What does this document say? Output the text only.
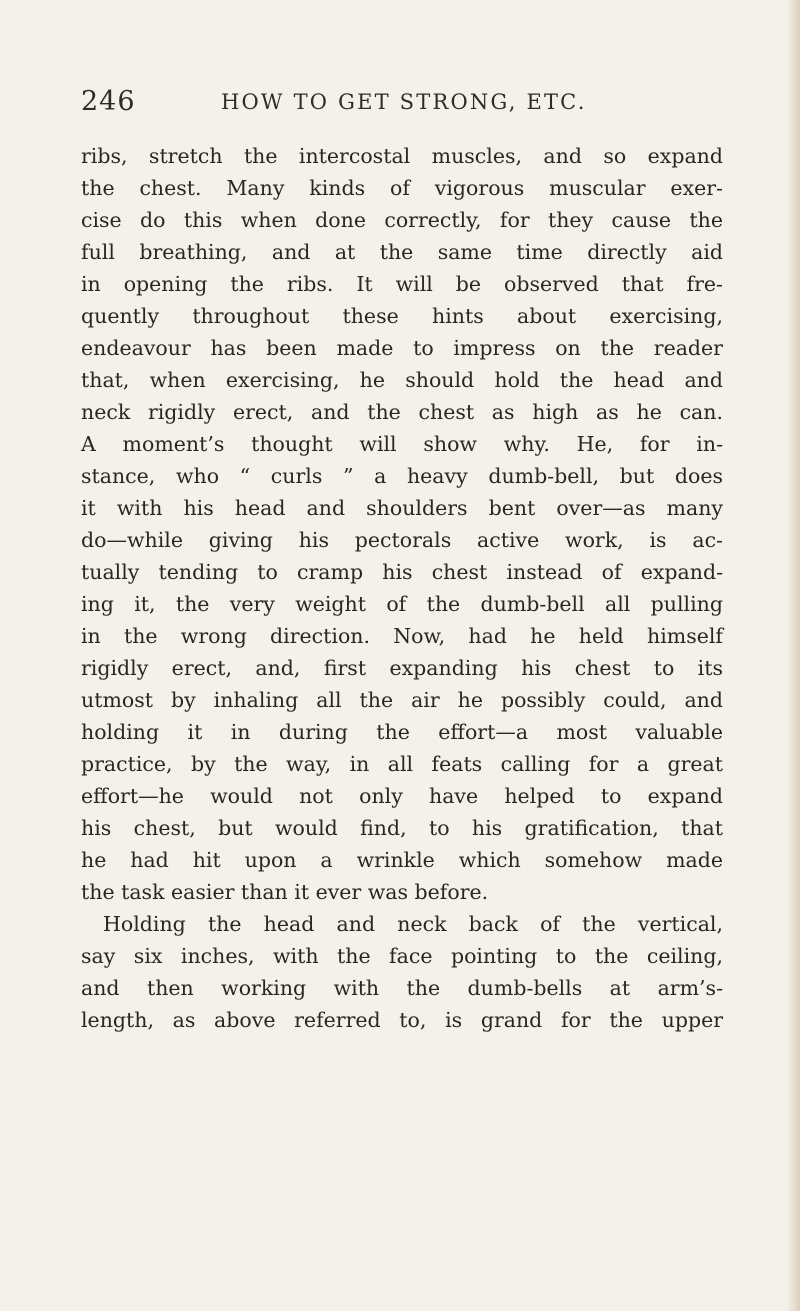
246	HOW TO GET STRONG, ETC.
ribs, stretch the intercostal muscles, and so expand
the chest. Many kinds of vigorous muscular exer-
cise do this when done correctly, for they cause the
full breathing, and at the same time directly aid
in opening the ribs. It will be observed that fre-
quently throughout these hints about exercising,
endeavour has been made to impress on the reader
that, when exercising, he should hold the head and
neck rigidly erect, and the chest as high as he can.
A moment’s thought will show why. He, for in-
stance, who “ curls ” a heavy dumb-bell, but does
it with his head and shoulders bent over—as many
do—while giving his pectorals active work, is ac-
tually tending to cramp his chest instead of expand-
ing it, the very weight of the dumb-bell all pulling
in the wrong direction. Now, had he held himself
rigidly erect, and, first expanding his chest to its
utmost by inhaling all the air he possibly could, and
holding it in during the effort—a most valuable
practice, by the way, in all feats calling for a great
effort—he would not only have helped to expand
his chest, but would find, to his gratification, that
he had hit upon a wrinkle which somehow made
the task easier than it ever was before.
Holding the head and neck back of the vertical,
say six inches, with the face pointing to the ceiling,
and then working with the dumb-bells at arm’s-
length, as above referred to, is grand for the upper
